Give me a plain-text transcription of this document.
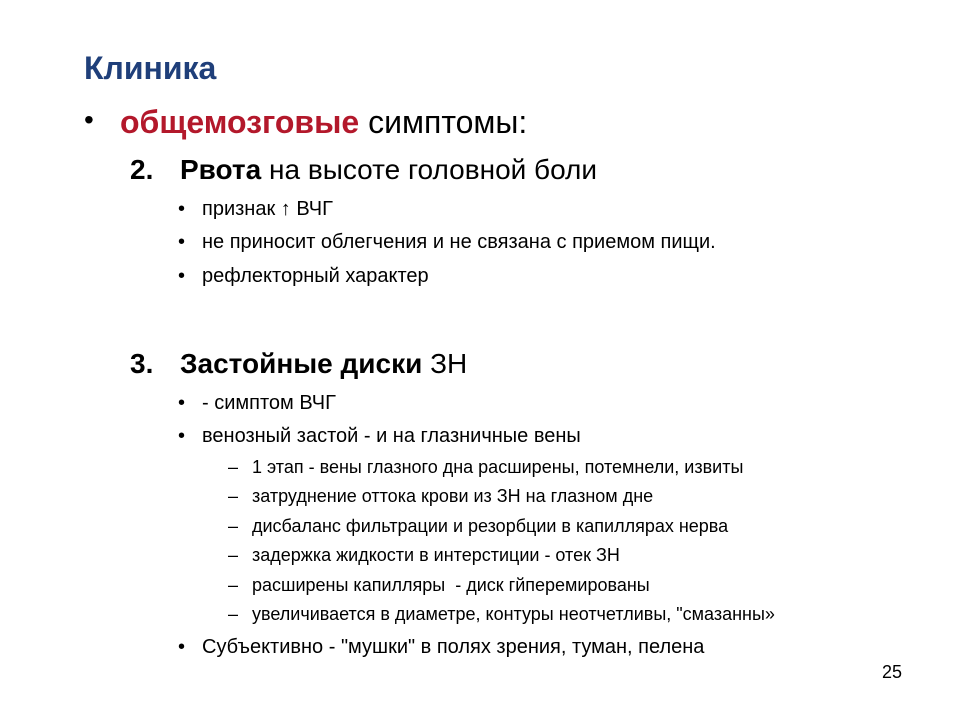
Клиника
• общемозговые симптомы:
2. Рвота на высоте головной боли
• признак ↑ ВЧГ
• не приносит облегчения и не связана с приемом пищи.
• рефлекторный характер
3. Застойные диски ЗН
• - симптом ВЧГ
• венозный застой - и на глазничные вены
– 1 этап - вены глазного дна расширены, потемнели, извиты
– затруднение оттока крови из ЗН на глазном дне
– дисбаланс фильтрации и резорбции в капиллярах нерва
– задержка жидкости в интерстиции - отек ЗН
– расширены капилляры  - диск гйперемированы
– увеличивается в диаметре, контуры неотчетливы, "смазанны»
• Субъективно - "мушки" в полях зрения, туман, пелена
25
